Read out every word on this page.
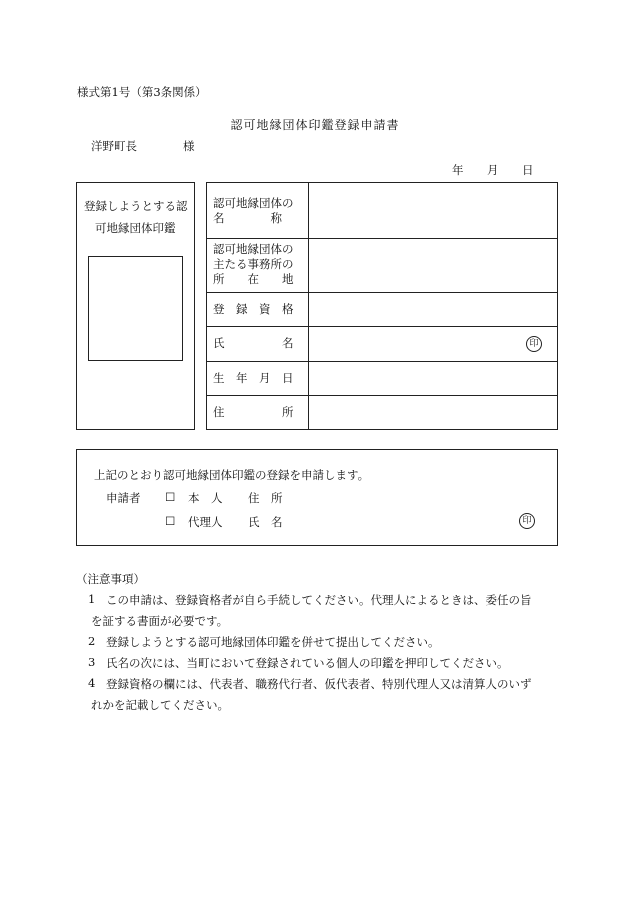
様式第1号（第3条関係）
認可地縁団体印鑑登録申請書
洋野町長	様
年 月 日
登録しようとする認
可地縁団体印鑑
認可地縁団体の
名　　　　称
認可地縁団体の
主たる事務所の
所　　在　　地
登　録　資　格
氏　　　　　名	印
生　年　月　日
住　　　　　所
上記のとおり認可地縁団体印鑑の登録を申請します。
申請者 ☐ 本　人 住　所
☐ 代理人 氏　名	印
（注意事項）
1 この申請は、登録資格者が自ら手続してください。代理人によるときは、委任の旨
を証する書面が必要です。
2 登録しようとする認可地縁団体印鑑を併せて提出してください。
3 氏名の次には、当町において登録されている個人の印鑑を押印してください。
4 登録資格の欄には、代表者、職務代行者、仮代表者、特別代理人又は清算人のいず
れかを記載してください。
